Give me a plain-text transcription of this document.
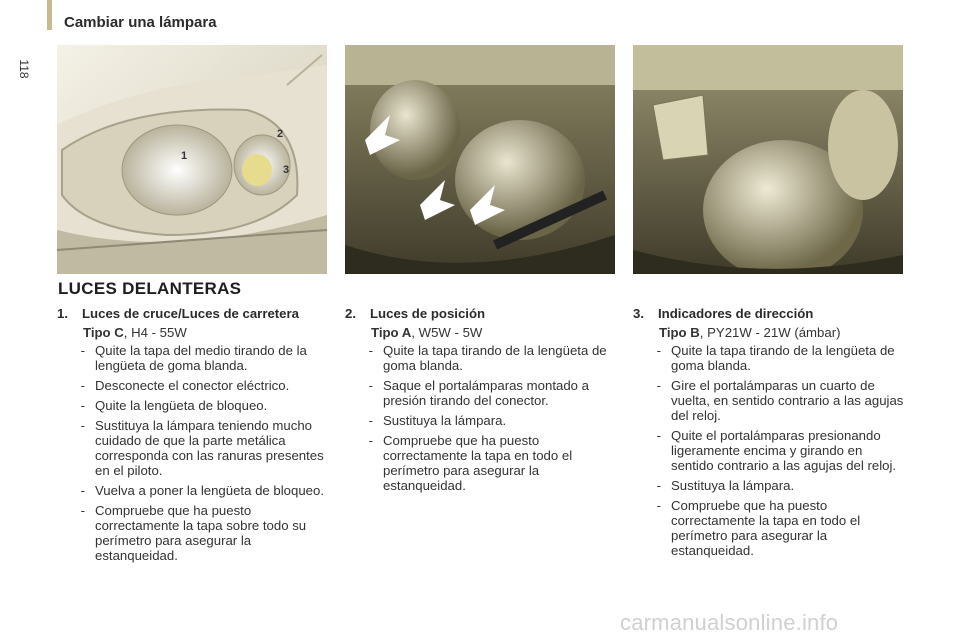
118
Cambiar una lámpara
1
2
3
LUCES DELANTERAS
1.	Luces de cruce/Luces de carretera
Tipo C, H4 - 55W
- Quite la tapa del medio tirando de la lengüeta de goma blanda.
- Desconecte el conector eléctrico.
- Quite la lengüeta de bloqueo.
- Sustituya la lámpara teniendo mucho cuidado de que la parte metálica corresponda con las ranuras presentes en el piloto.
- Vuelva a poner la lengüeta de bloqueo.
- Compruebe que ha puesto correctamente la tapa sobre todo su perímetro para asegurar la estanqueidad.
2.	Luces de posición
Tipo A, W5W - 5W
- Quite la tapa tirando de la lengüeta de goma blanda.
- Saque el portalámparas montado a presión tirando del conector.
- Sustituya la lámpara.
- Compruebe que ha puesto correctamente la tapa en todo el perímetro para asegurar la estanqueidad.
3.	Indicadores de dirección
Tipo B, PY21W - 21W (ámbar)
- Quite la tapa tirando de la lengüeta de goma blanda.
- Gire el portalámparas un cuarto de vuelta, en sentido contrario a las agujas del reloj.
- Quite el portalámparas presionando ligeramente encima y girando en sentido contrario a las agujas del reloj.
- Sustituya la lámpara.
- Compruebe que ha puesto correctamente la tapa en todo el perímetro para asegurar la estanqueidad.
carmanualsonline.info
